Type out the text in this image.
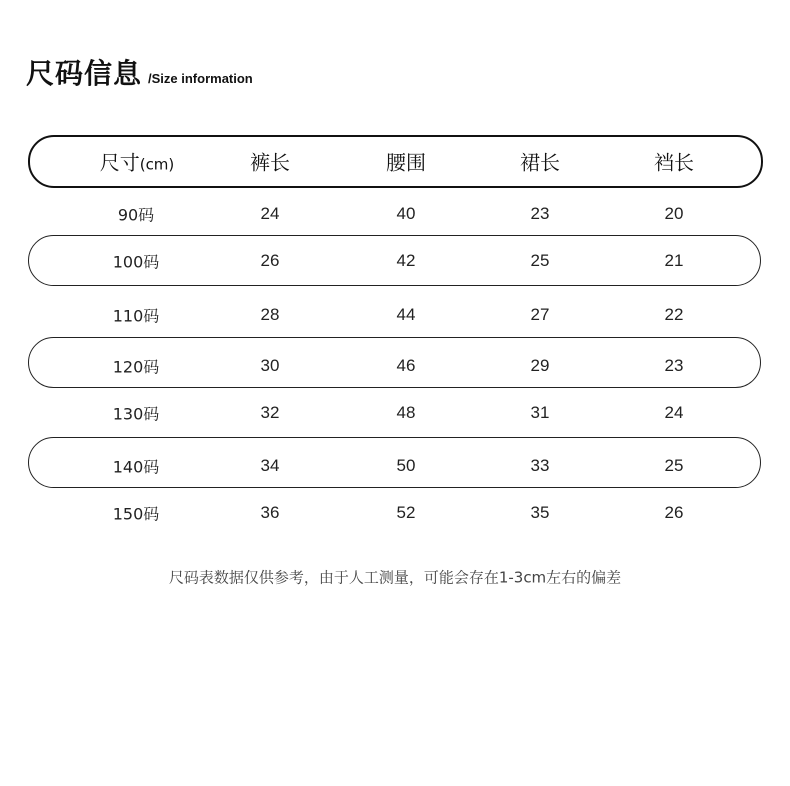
尺码信息 /Size information
尺寸(cm)	裤长	腰围	裙长	裆长
90码	24	40	23	20
100码	26	42	25	21
110码	28	44	27	22
120码	30	46	29	23
130码	32	48	31	24
140码	34	50	33	25
150码	36	52	35	26
尺码表数据仅供参考，由于人工测量，可能会存在1-3cm左右的偏差
